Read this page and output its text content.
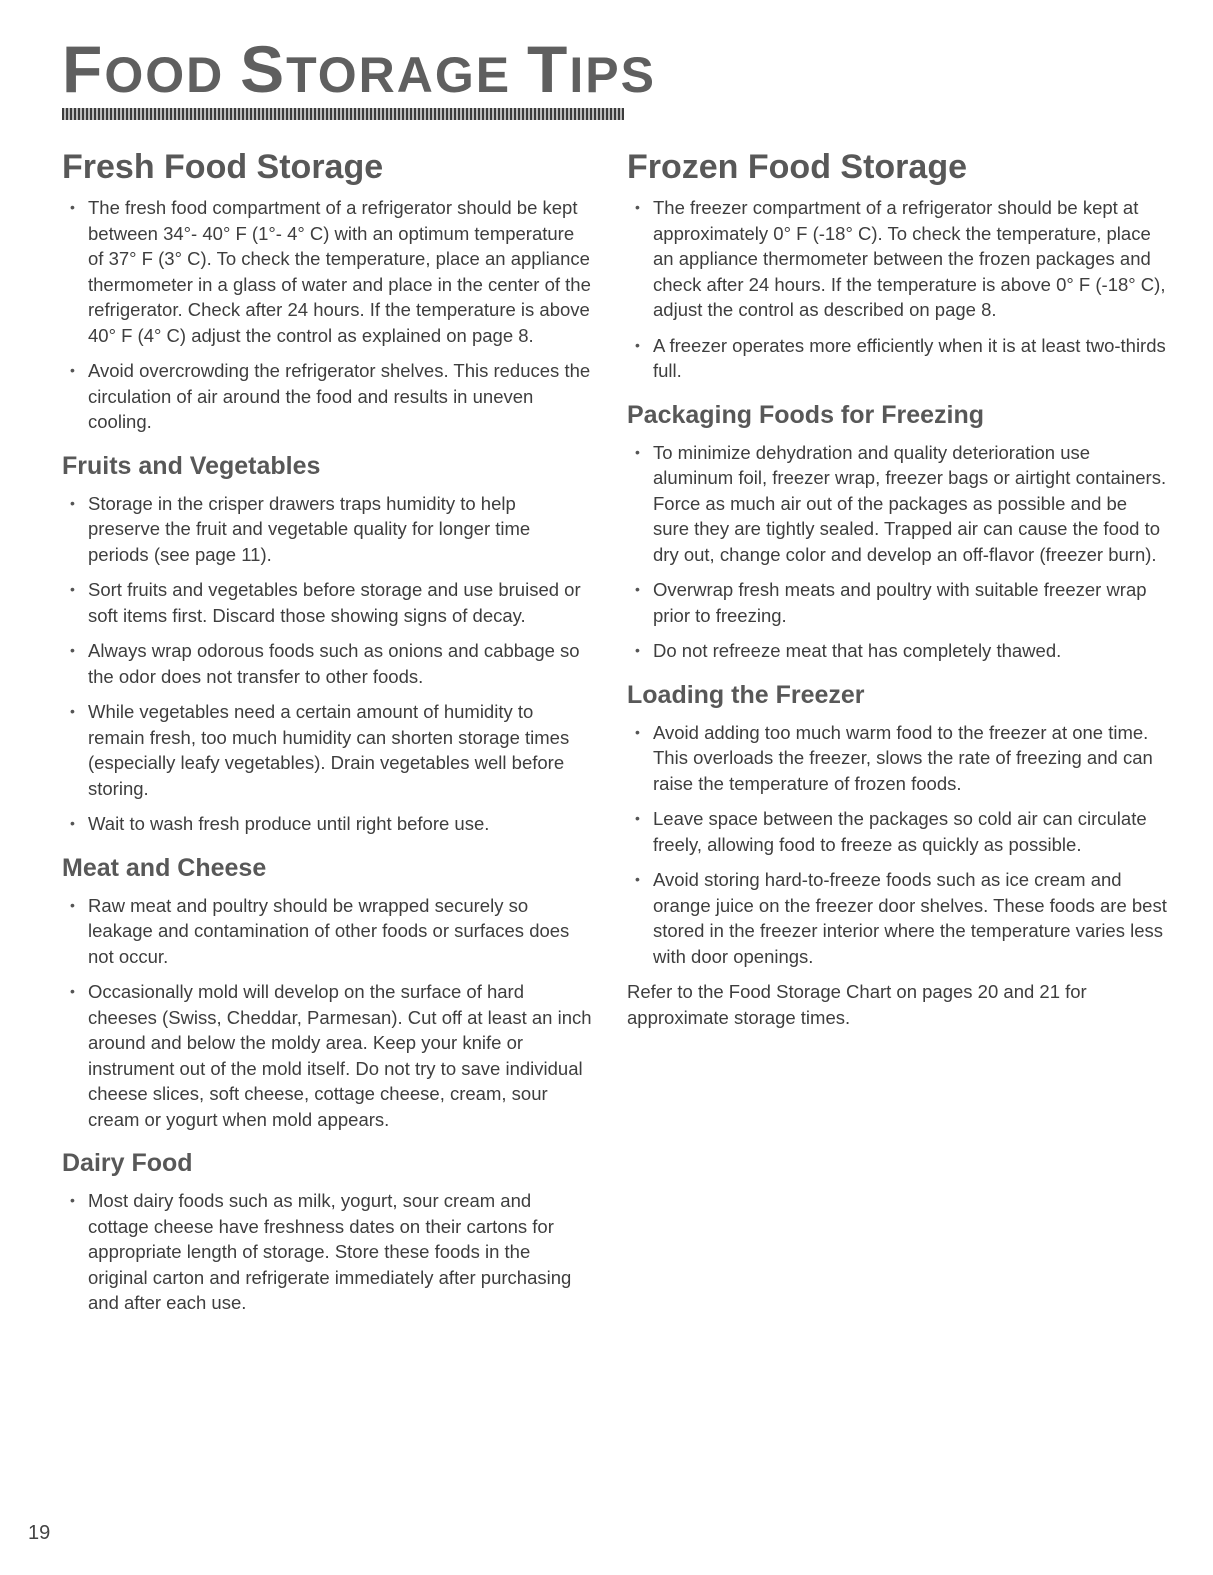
FOOD STORAGE TIPS
Fresh Food Storage
• The fresh food compartment of a refrigerator should be kept between 34°- 40° F (1°- 4° C) with an optimum temperature of 37° F (3° C). To check the temperature, place an appliance thermometer in a glass of water and place in the center of the refrigerator. Check after 24 hours. If the temperature is above 40° F (4° C) adjust the control as explained on page 8.
• Avoid overcrowding the refrigerator shelves. This reduces the circulation of air around the food and results in uneven cooling.
Fruits and Vegetables
• Storage in the crisper drawers traps humidity to help preserve the fruit and vegetable quality for longer time periods (see page 11).
• Sort fruits and vegetables before storage and use bruised or soft items first. Discard those showing signs of decay.
• Always wrap odorous foods such as onions and cabbage so the odor does not transfer to other foods.
• While vegetables need a certain amount of humidity to remain fresh, too much humidity can shorten storage times (especially leafy vegetables). Drain vegetables well before storing.
• Wait to wash fresh produce until right before use.
Meat and Cheese
• Raw meat and poultry should be wrapped securely so leakage and contamination of other foods or surfaces does not occur.
• Occasionally mold will develop on the surface of hard cheeses (Swiss, Cheddar, Parmesan). Cut off at least an inch around and below the moldy area. Keep your knife or instrument out of the mold itself. Do not try to save individual cheese slices, soft cheese, cottage cheese, cream, sour cream or yogurt when mold appears.
Dairy Food
• Most dairy foods such as milk, yogurt, sour cream and cottage cheese have freshness dates on their cartons for appropriate length of storage. Store these foods in the original carton and refrigerate immediately after purchasing and after each use.
Frozen Food Storage
• The freezer compartment of a refrigerator should be kept at approximately 0° F (-18° C). To check the temperature, place an appliance thermometer between the frozen packages and check after 24 hours. If the temperature is above 0° F (-18° C), adjust the control as described on page 8.
• A freezer operates more efficiently when it is at least two-thirds full.
Packaging Foods for Freezing
• To minimize dehydration and quality deterioration use aluminum foil, freezer wrap, freezer bags or airtight containers. Force as much air out of the packages as possible and be sure they are tightly sealed. Trapped air can cause the food to dry out, change color and develop an off-flavor (freezer burn).
• Overwrap fresh meats and poultry with suitable freezer wrap prior to freezing.
• Do not refreeze meat that has completely thawed.
Loading the Freezer
• Avoid adding too much warm food to the freezer at one time. This overloads the freezer, slows the rate of freezing and can raise the temperature of frozen foods.
• Leave space between the packages so cold air can circulate freely, allowing food to freeze as quickly as possible.
• Avoid storing hard-to-freeze foods such as ice cream and orange juice on the freezer door shelves. These foods are best stored in the freezer interior where the temperature varies less with door openings.

Refer to the Food Storage Chart on pages 20 and 21 for approximate storage times.

19
